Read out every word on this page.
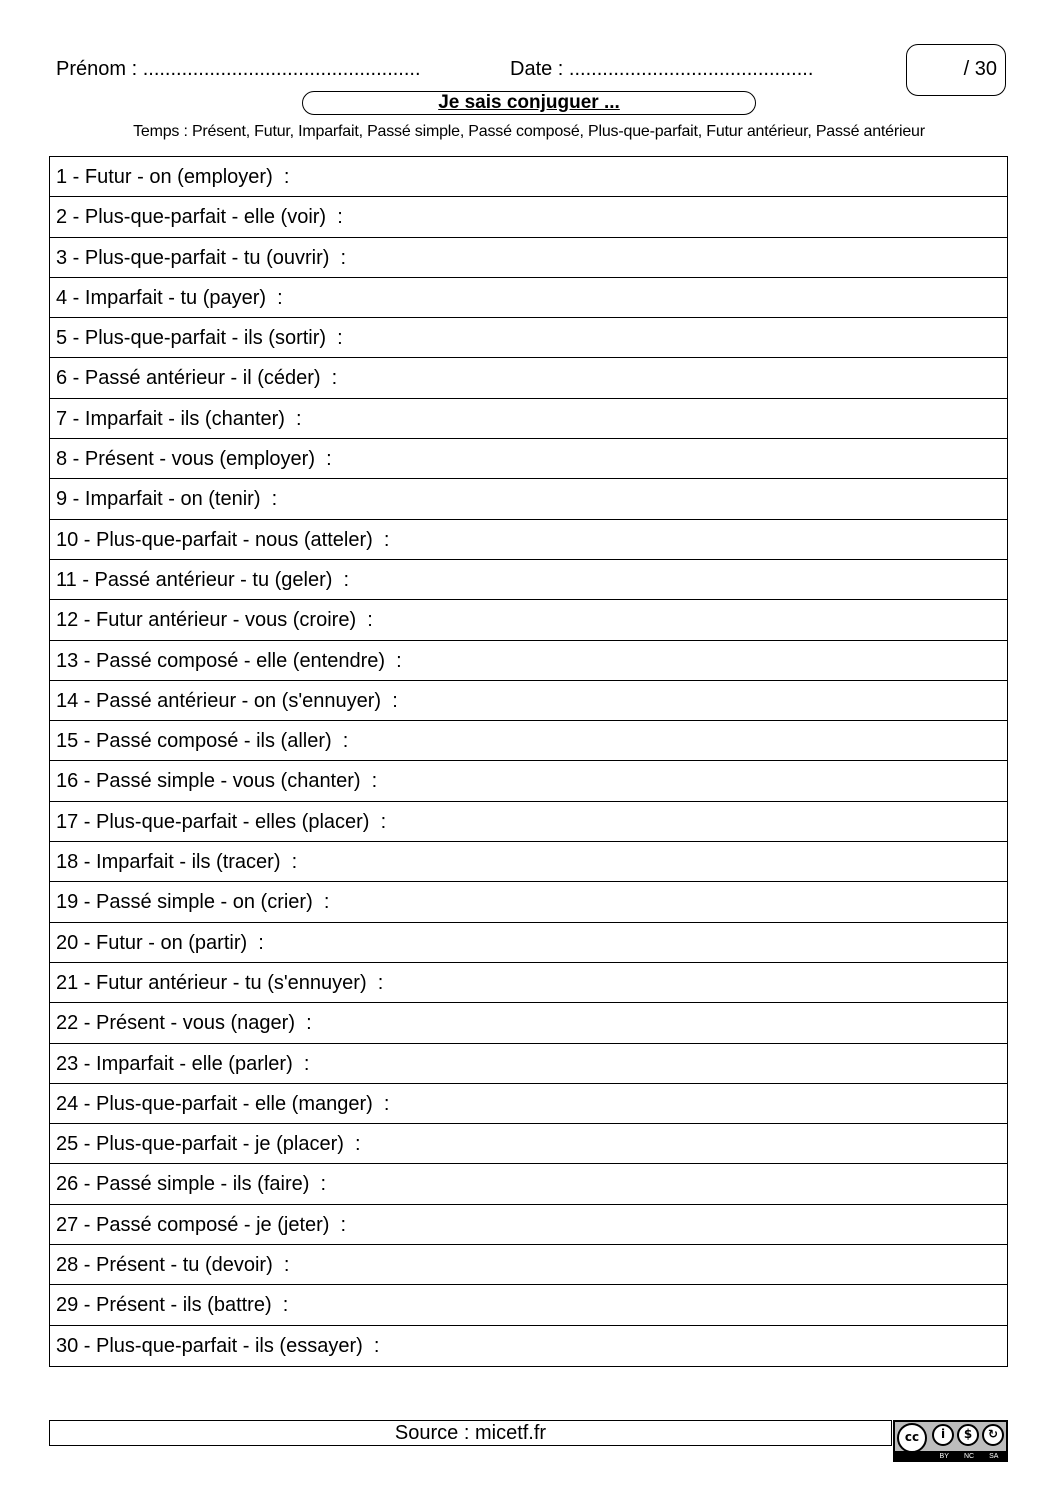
Prénom : ..................................................	Date : ............................................	/ 30
Je sais conjuguer ...
Temps : Présent, Futur, Imparfait, Passé simple, Passé composé, Plus-que-parfait, Futur antérieur, Passé antérieur
1 - Futur - on (employer)  :
2 - Plus-que-parfait - elle (voir)  :
3 - Plus-que-parfait - tu (ouvrir)  :
4 - Imparfait - tu (payer)  :
5 - Plus-que-parfait - ils (sortir)  :
6 - Passé antérieur - il (céder)  :
7 - Imparfait - ils (chanter)  :
8 - Présent - vous (employer)  :
9 - Imparfait - on (tenir)  :
10 - Plus-que-parfait - nous (atteler)  :
11 - Passé antérieur - tu (geler)  :
12 - Futur antérieur - vous (croire)  :
13 - Passé composé - elle (entendre)  :
14 - Passé antérieur - on (s'ennuyer)  :
15 - Passé composé - ils (aller)  :
16 - Passé simple - vous (chanter)  :
17 - Plus-que-parfait - elles (placer)  :
18 - Imparfait - ils (tracer)  :
19 - Passé simple - on (crier)  :
20 - Futur - on (partir)  :
21 - Futur antérieur - tu (s'ennuyer)  :
22 - Présent - vous (nager)  :
23 - Imparfait - elle (parler)  :
24 - Plus-que-parfait - elle (manger)  :
25 - Plus-que-parfait - je (placer)  :
26 - Passé simple - ils (faire)  :
27 - Passé composé - je (jeter)  :
28 - Présent - tu (devoir)  :
29 - Présent - ils (battre)  :
30 - Plus-que-parfait - ils (essayer)  :
Source : micetf.fr	cc	i	$	↻
BY NC SA
